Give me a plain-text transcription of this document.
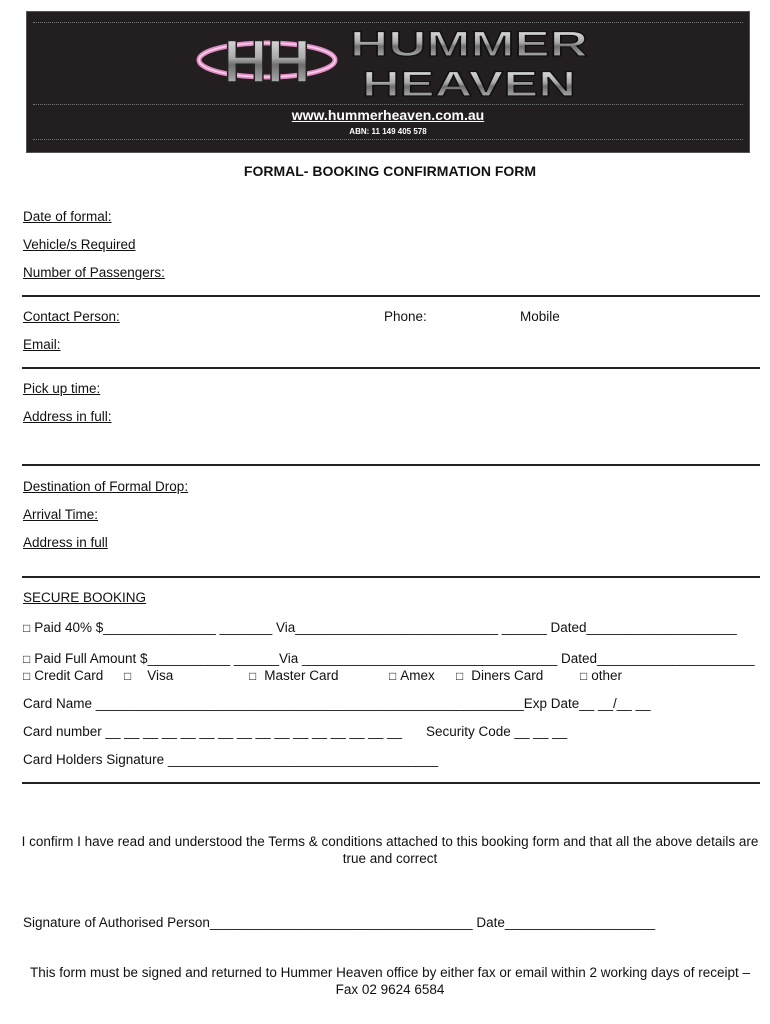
HH HUMMER
HEAVEN
www.hummerheaven.com.au
ABN: 11 149 405 578
FORMAL- BOOKING CONFIRMATION FORM
Date of formal:
Vehicle/s Required
Number of Passengers:
Contact Person:	Phone:	Mobile
Email:
Pick up time:
Address in full:
Destination of Formal Drop:
Arrival Time:
Address in full
SECURE BOOKING
□ Paid 40% $_______________ _______ Via___________________________ ______ Dated____________________
□ Paid Full Amount $___________ ______Via __________________________________ Dated_____________________
□ Credit Card □ Visa	□ Master Card	□ Amex □ Diners Card	□ other
Card Name _________________________________________________________Exp Date__ __/__ __
Card number __ __ __ __ __ __ __ __ __ __ __ __ __ __ __ __ Security Code __ __ __
Card Holders Signature ____________________________________
I confirm I have read and understood the Terms & conditions attached to this booking form and that all the above details are true and correct
Signature of Authorised Person___________________________________ Date____________________
This form must be signed and returned to Hummer Heaven office by either fax or email within 2 working days of receipt – Fax 02 9624 6584
